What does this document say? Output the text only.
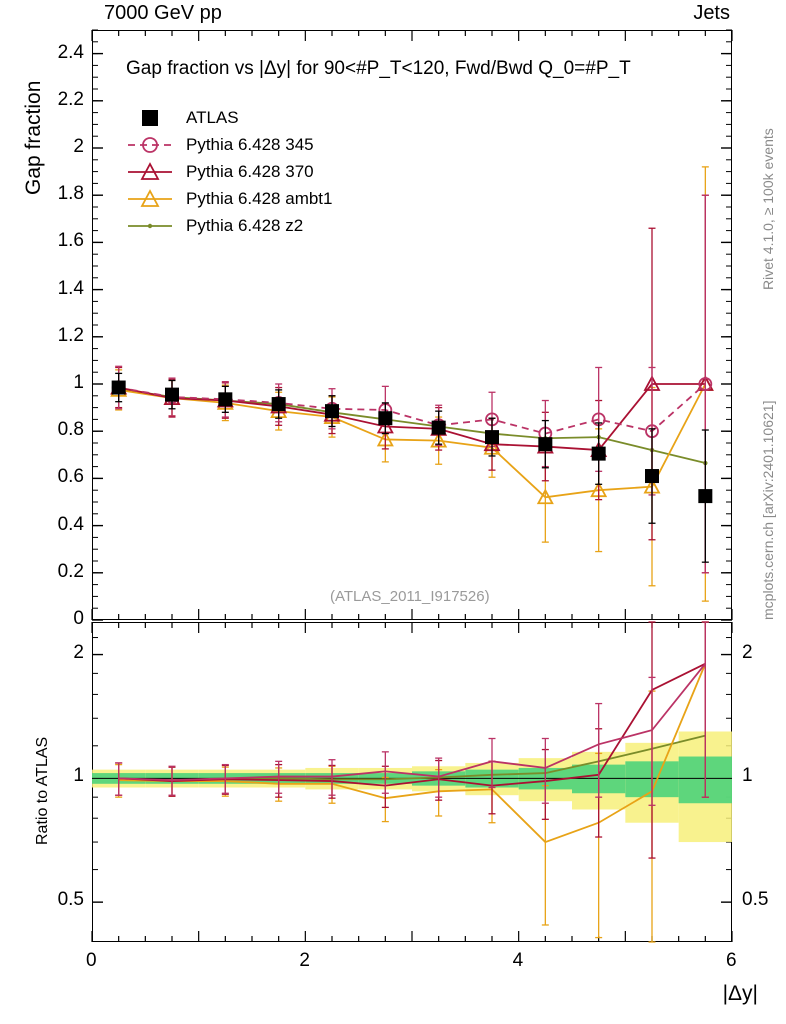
7000 GeV pp	Jets
Rivet 4.1.0, ≥ 100k events
mcplots.cern.ch [arXiv:2401.10621]
Gap fraction
Ratio to ATLAS
|Δy|
Gap fraction vs |Δy| for 90<#P_T<120, Fwd/Bwd Q_0=#P_T
(ATLAS_2011_I917526)
0
0.2
0.4
0.6
0.8
1
1.2
1.4
1.6
1.8
2
2.2
2.4
0.5	0.5
1	1
2	2
0	2	4	6
ATLAS
Pythia 6.428 345
Pythia 6.428 370
Pythia 6.428 ambt1
Pythia 6.428 z2
